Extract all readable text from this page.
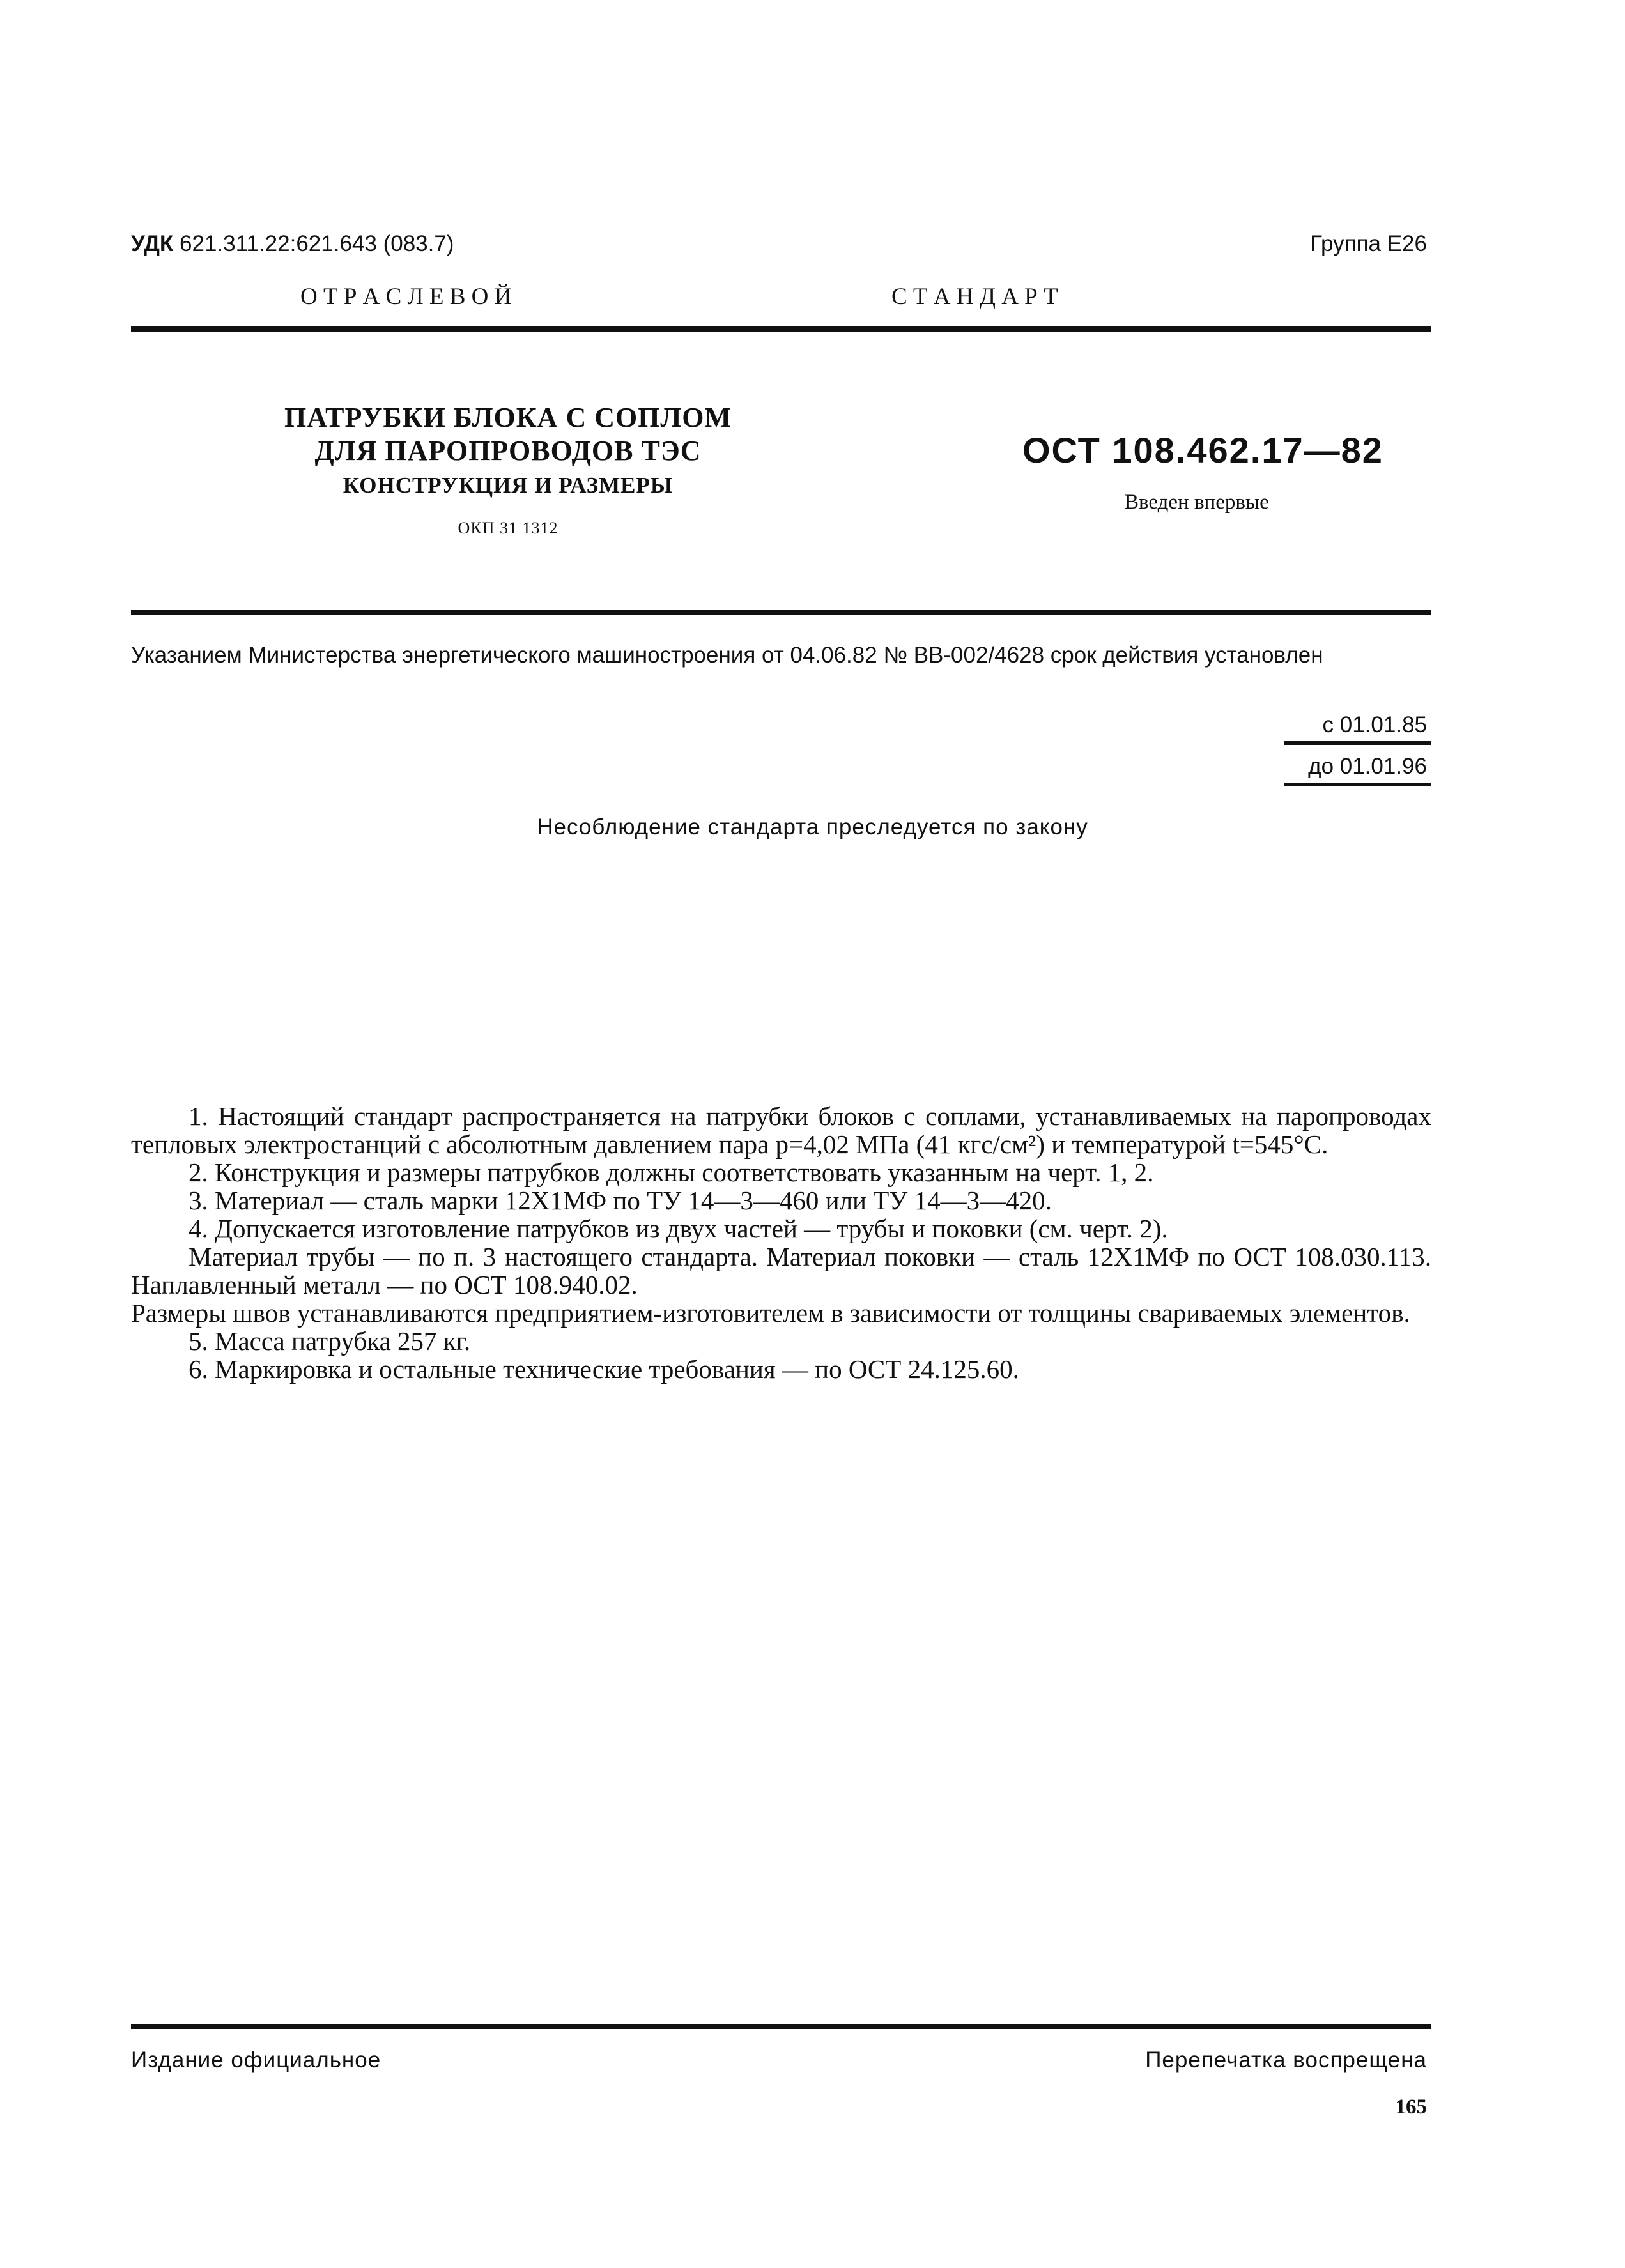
УДК 621.311.22:621.643 (083.7)	Группа Е26
О Т Р А С Л Е В О Й	С Т А Н Д А Р Т
ПАТРУБКИ БЛОКА С СОПЛОМ
ДЛЯ ПАРОПРОВОДОВ ТЭС
КОНСТРУКЦИЯ И РАЗМЕРЫ
ОКП 31 1312
ОСТ 108.462.17—82
Введен впервые
Указанием Министерства энергетического машиностроения от 04.06.82 № ВВ-002/4628 срок действия установлен
с 01.01.85
до 01.01.96
Несоблюдение стандарта преследуется по закону

1. Настоящий стандарт распространяется на патрубки блоков с соплами, устанавливаемых на паропроводах тепловых электростанций с абсолютным давлением пара p=4,02 МПа (41 кгс/см²) и температурой t=545°С.

2. Конструкция и размеры патрубков должны соответствовать указанным на черт. 1, 2.

3. Материал — сталь марки 12Х1МФ по ТУ 14—3—460 или ТУ 14—3—420.

4. Допускается изготовление патрубков из двух частей — трубы и поковки (см. черт. 2).

Материал трубы — по п. 3 настоящего стандарта. Материал поковки — сталь 12Х1МФ по ОСТ 108.030.113. Наплавленный металл — по ОСТ 108.940.02.

Размеры швов устанавливаются предприятием-изготовителем в зависимости от толщины свариваемых элементов.

5. Масса патрубка 257 кг.

6. Маркировка и остальные технические требования — по ОСТ 24.125.60.

Издание официальное	Перепечатка воспрещена
165
